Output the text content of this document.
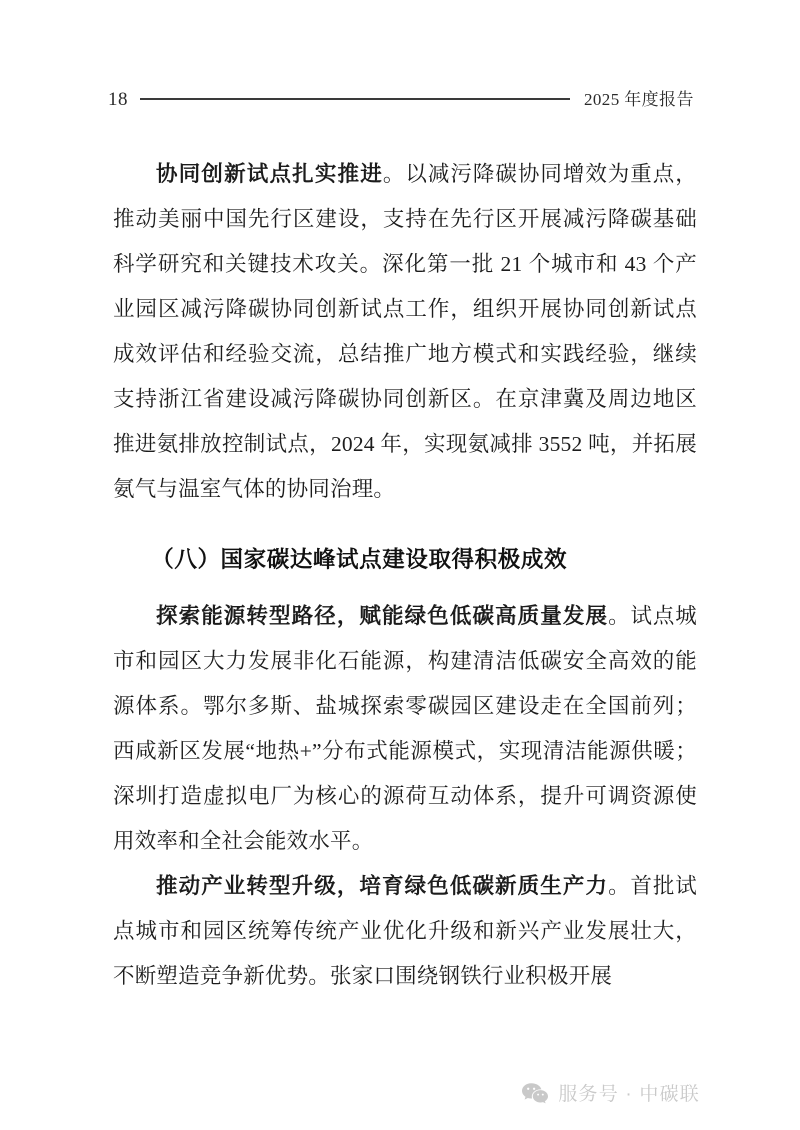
18	2025 年度报告

协同创新试点扎实推进。以减污降碳协同增效为重点，推动美丽中国先行区建设，支持在先行区开展减污降碳基础科学研究和关键技术攻关。深化第一批 21 个城市和 43 个产业园区减污降碳协同创新试点工作，组织开展协同创新试点成效评估和经验交流，总结推广地方模式和实践经验，继续支持浙江省建设减污降碳协同创新区。在京津冀及周边地区推进氨排放控制试点，2024 年，实现氨减排 3552 吨，并拓展氨气与温室气体的协同治理。

（八）国家碳达峰试点建设取得积极成效

探索能源转型路径，赋能绿色低碳高质量发展。试点城市和园区大力发展非化石能源，构建清洁低碳安全高效的能源体系。鄂尔多斯、盐城探索零碳园区建设走在全国前列；西咸新区发展“地热+”分布式能源模式，实现清洁能源供暖；深圳打造虚拟电厂为核心的源荷互动体系，提升可调资源使用效率和全社会能效水平。

推动产业转型升级，培育绿色低碳新质生产力。首批试点城市和园区统筹传统产业优化升级和新兴产业发展壮大，不断塑造竞争新优势。张家口围绕钢铁行业积极开展

服务号 · 中碳联
